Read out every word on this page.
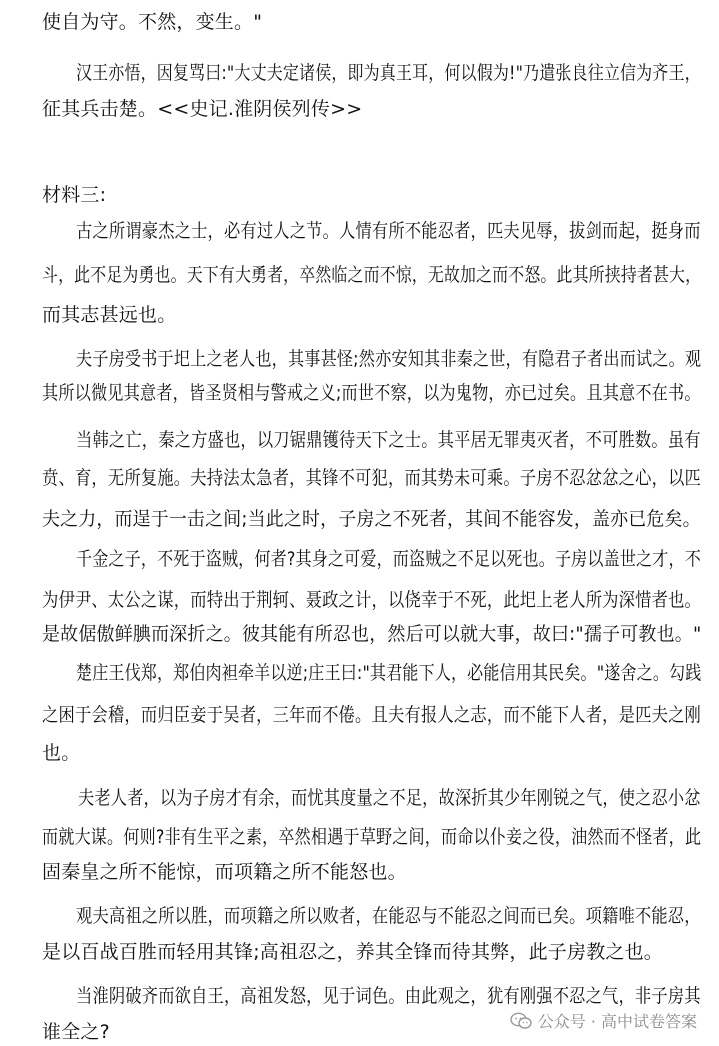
使自为守。不然，变生。"
汉王亦悟，因复骂曰:"大丈夫定诸侯，即为真王耳，何以假为!"乃遣张良往立信为齐王，
征其兵击楚。<<史记.淮阴侯列传>>
材料三:
古之所谓豪杰之士，必有过人之节。人情有所不能忍者，匹夫见辱，拔剑而起，挺身而
斗，此不足为勇也。天下有大勇者，卒然临之而不惊，无故加之而不怒。此其所挟持者甚大，
而其志甚远也。
夫子房受书于圯上之老人也，其事甚怪;然亦安知其非秦之世，有隐君子者出而试之。观
其所以微见其意者，皆圣贤相与警戒之义;而世不察，以为鬼物，亦已过矣。且其意不在书。
当韩之亡，秦之方盛也，以刀锯鼎镬待天下之士。其平居无罪夷灭者，不可胜数。虽有
贲、育，无所复施。夫持法太急者，其锋不可犯，而其势未可乘。子房不忍忿忿之心，以匹
夫之力，而逞于一击之间;当此之时，子房之不死者，其间不能容发，盖亦已危矣。
千金之子，不死于盗贼，何者?其身之可爱，而盗贼之不足以死也。子房以盖世之才，不
为伊尹、太公之谋，而特出于荆轲、聂政之计，以侥幸于不死，此圯上老人所为深惜者也。
是故倨傲鲜腆而深折之。彼其能有所忍也，然后可以就大事，故曰:"孺子可教也。"
楚庄王伐郑，郑伯肉袒牵羊以逆;庄王曰:"其君能下人，必能信用其民矣。"遂舍之。勾践
之困于会稽，而归臣妾于吴者，三年而不倦。且夫有报人之志，而不能下人者，是匹夫之刚
也。
夫老人者，以为子房才有余，而忧其度量之不足，故深折其少年刚锐之气，使之忍小忿
而就大谋。何则?非有生平之素，卒然相遇于草野之间，而命以仆妾之役，油然而不怪者，此
固秦皇之所不能惊，而项籍之所不能怒也。
观夫高祖之所以胜，而项籍之所以败者，在能忍与不能忍之间而已矣。项籍唯不能忍，
是以百战百胜而轻用其锋;高祖忍之，养其全锋而待其弊，此子房教之也。
当淮阴破齐而欲自王，高祖发怒，见于词色。由此观之，犹有刚强不忍之气，非子房其
谁全之?	公众号 · 高中试卷答案
